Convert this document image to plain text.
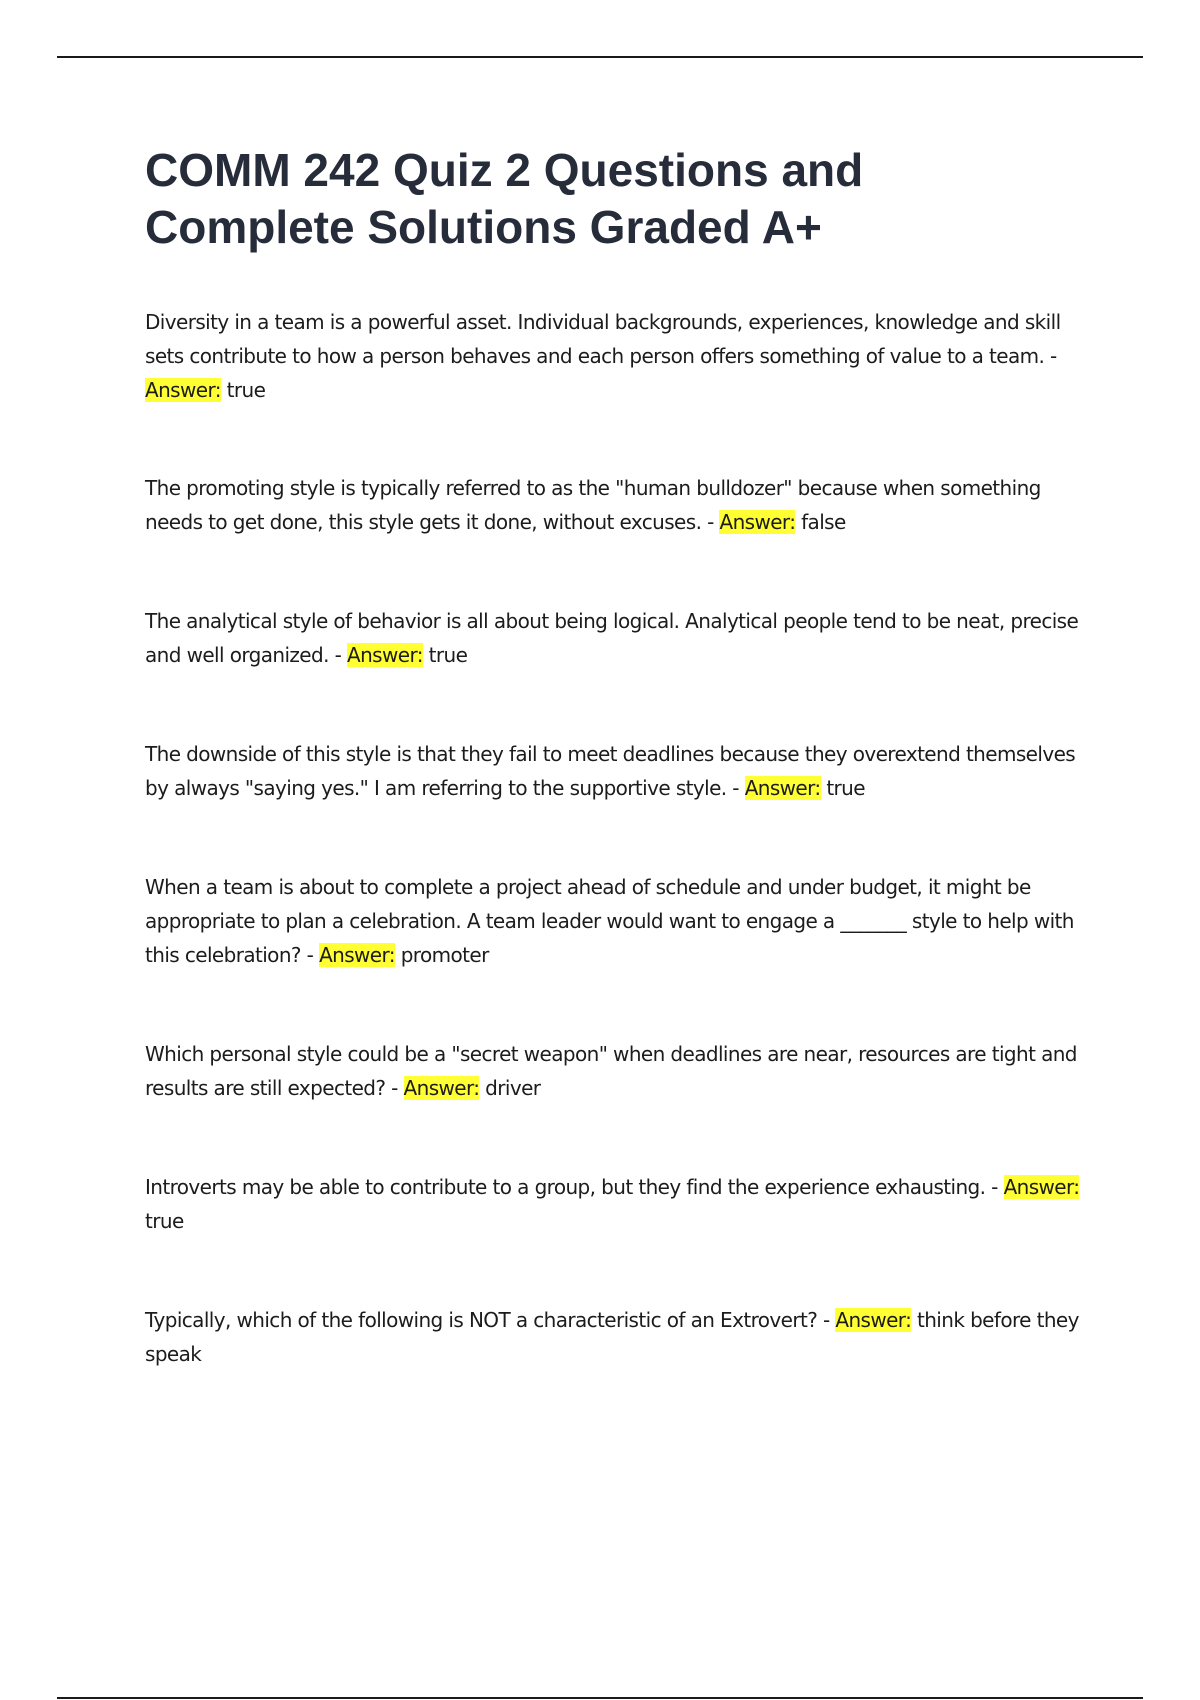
COMM 242 Quiz 2 Questions and Complete Solutions Graded A+

Diversity in a team is a powerful asset. Individual backgrounds, experiences, knowledge and skill sets contribute to how a person behaves and each person offers something of value to a team. - Answer: true

The promoting style is typically referred to as the "human bulldozer" because when something needs to get done, this style gets it done, without excuses. - Answer: false

The analytical style of behavior is all about being logical. Analytical people tend to be neat, precise and well organized. - Answer: true

The downside of this style is that they fail to meet deadlines because they overextend themselves by always "saying yes." I am referring to the supportive style. - Answer: true

When a team is about to complete a project ahead of schedule and under budget, it might be appropriate to plan a celebration. A team leader would want to engage a _______ style to help with this celebration? - Answer: promoter

Which personal style could be a "secret weapon" when deadlines are near, resources are tight and results are still expected? - Answer: driver

Introverts may be able to contribute to a group, but they find the experience exhausting. - Answer: true

Typically, which of the following is NOT a characteristic of an Extrovert? - Answer: think before they speak
